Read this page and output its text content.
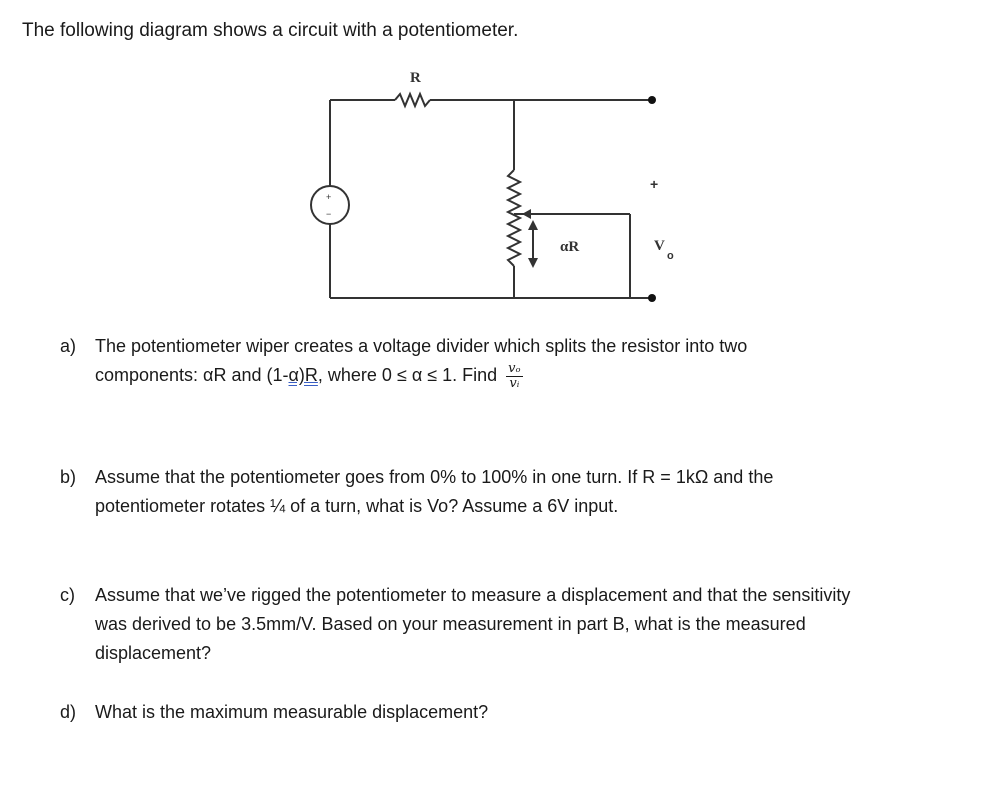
The following diagram shows a circuit with a potentiometer.
R
αR
+
V
o
+
−
a) The potentiometer wiper creates a voltage divider which splits the resistor into two
components: αR and (1-α)R, where 0 ≤ α ≤ 1. Find $\frac{\text{vₒ}}{\text{vᵢ}}$
b) Assume that the potentiometer goes from 0% to 100% in one turn. If R = 1kΩ and the
potentiometer rotates ¼ of a turn, what is Vo? Assume a 6V input.
c) Assume that we’ve rigged the potentiometer to measure a displacement and that the sensitivity
was derived to be 3.5mm/V. Based on your measurement in part B, what is the measured
displacement?
d) What is the maximum measurable displacement?
